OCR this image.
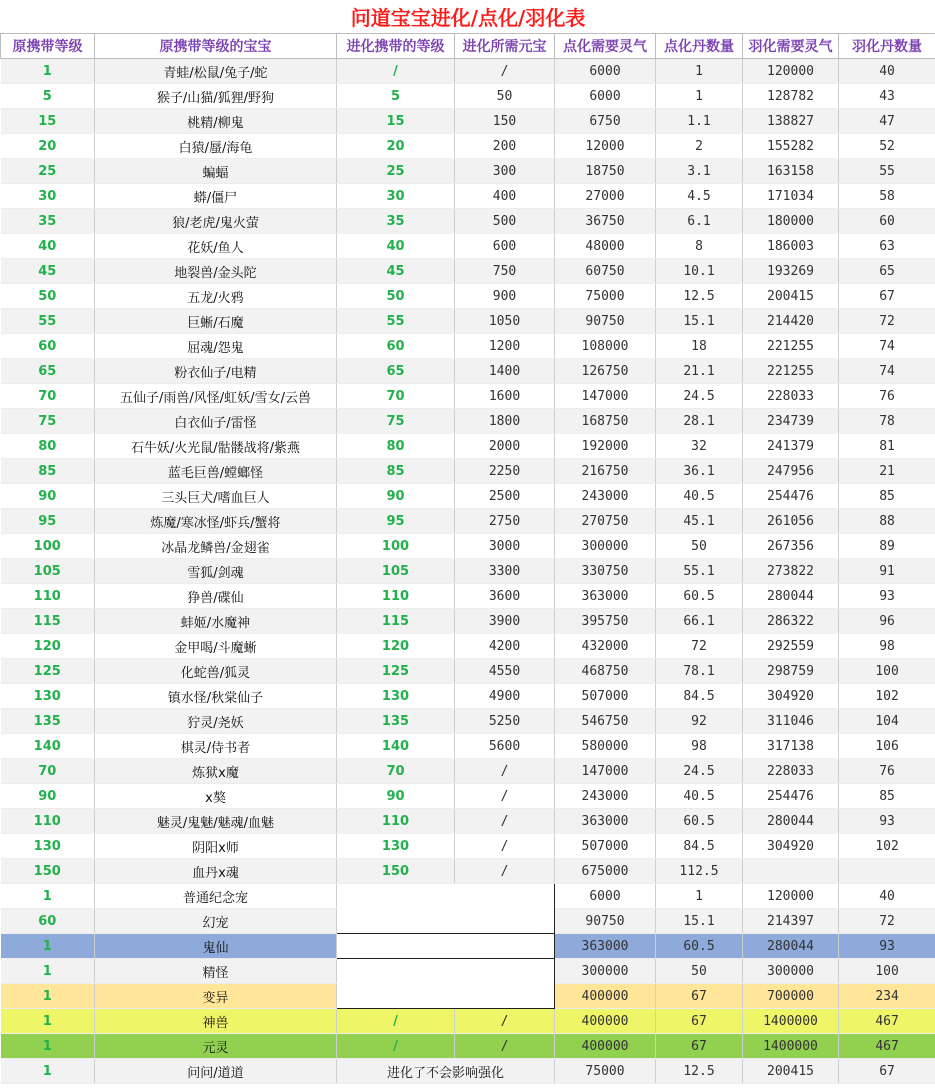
问道宝宝进化/点化/羽化表							
原携带等级	原携带等级的宝宝	进化携带的等级	进化所需元宝	点化需要灵气	点化丹数量	羽化需要灵气	羽化丹数量
1	青蛙/松鼠/兔子/蛇	/	/	6000	1	120000	40
5	猴子/山猫/狐狸/野狗	5	50	6000	1	128782	43
15	桃精/柳鬼	15	150	6750	1.1	138827	47
20	白猿/蜃/海龟	20	200	12000	2	155282	52
25	蝙蝠	25	300	18750	3.1	163158	55
30	蟒/僵尸	30	400	27000	4.5	171034	58
35	狼/老虎/鬼火萤	35	500	36750	6.1	180000	60
40	花妖/鱼人	40	600	48000	8	186003	63
45	地裂兽/金头陀	45	750	60750	10.1	193269	65
50	五龙/火鸦	50	900	75000	12.5	200415	67
55	巨蜥/石魔	55	1050	90750	15.1	214420	72
60	屈魂/怨鬼	60	1200	108000	18	221255	74
65	粉衣仙子/电精	65	1400	126750	21.1	221255	74
70	五仙子/雨兽/风怪/虹妖/雪女/云兽	70	1600	147000	24.5	228033	76
75	白衣仙子/雷怪	75	1800	168750	28.1	234739	78
80	石牛妖/火光鼠/骷髅战将/紫燕	80	2000	192000	32	241379	81
85	蓝毛巨兽/螳螂怪	85	2250	216750	36.1	247956	21
90	三头巨犬/嗜血巨人	90	2500	243000	40.5	254476	85
95	炼魔/寒冰怪/虾兵/蟹将	95	2750	270750	45.1	261056	88
100	冰晶龙鳞兽/金翅雀	100	3000	300000	50	267356	89
105	雪狐/剑魂	105	3300	330750	55.1	273822	91
110	狰兽/碟仙	110	3600	363000	60.5	280044	93
115	蚌姬/水魔神	115	3900	395750	66.1	286322	96
120	金甲喝/斗魔蜥	120	4200	432000	72	292559	98
125	化蛇兽/狐灵	125	4550	468750	78.1	298759	100
130	镇水怪/秋棠仙子	130	4900	507000	84.5	304920	102
135	狞灵/尧妖	135	5250	546750	92	311046	104
140	棋灵/侍书者	140	5600	580000	98	317138	106
70	炼狱x魔	70	/	147000	24.5	228033	76
90	x獒	90	/	243000	40.5	254476	85
110	魅灵/鬼魅/魅魂/血魅	110	/	363000	60.5	280044	93
130	阴阳x师	130	/	507000	84.5	304920	102
150	血丹x魂	150	/	675000	112.5		
1	普通纪念宠			6000	1	120000	40
60	幻宠			90750	15.1	214397	72
1	鬼仙			363000	60.5	280044	93
1	精怪			300000	50	300000	100
1	变异			400000	67	700000	234
1	神兽	/	/	400000	67	1400000	467
1	元灵	/	/	400000	67	1400000	467
1	问问/道道	进化了不会影响强化		75000	12.5	200415	67
